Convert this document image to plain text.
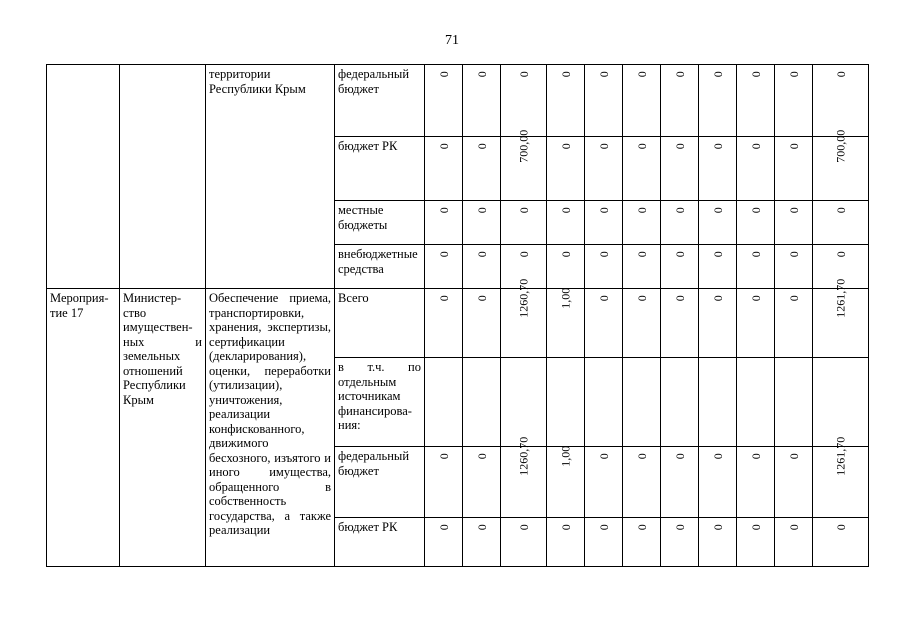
71
		территории Республики Крым	федеральный бюджет	0	0	0	0	0	0	0	0	0	0	0
			бюджет РК	0	0	700,00	0	0	0	0	0	0	0	700,00
			местные бюджеты	0	0	0	0	0	0	0	0	0	0	0
			внебюджетные средства	0	0	0	0	0	0	0	0	0	0	0
Мероприя-тие 17	Министер-ство имуществен-ных и земельных отношений Республики Крым	Обеспечение приема, транспортировки, хранения, экспертизы, сертификации (декларирования), оценки, переработки (утилизации), уничтожения, реализации конфискованного, движимого бесхозного, изъятого и иного имущества, обращенного в собственность государства, а также реализации	Всего	0	0	1260,70	1,00	0	0	0	0	0	0	1261,70
			в т.ч. по отдельным источникам финансирова-ния:											
			федеральный бюджет	0	0	1260,70	1,00	0	0	0	0	0	0	1261,70
			бюджет РК	0	0	0	0	0	0	0	0	0	0	0
